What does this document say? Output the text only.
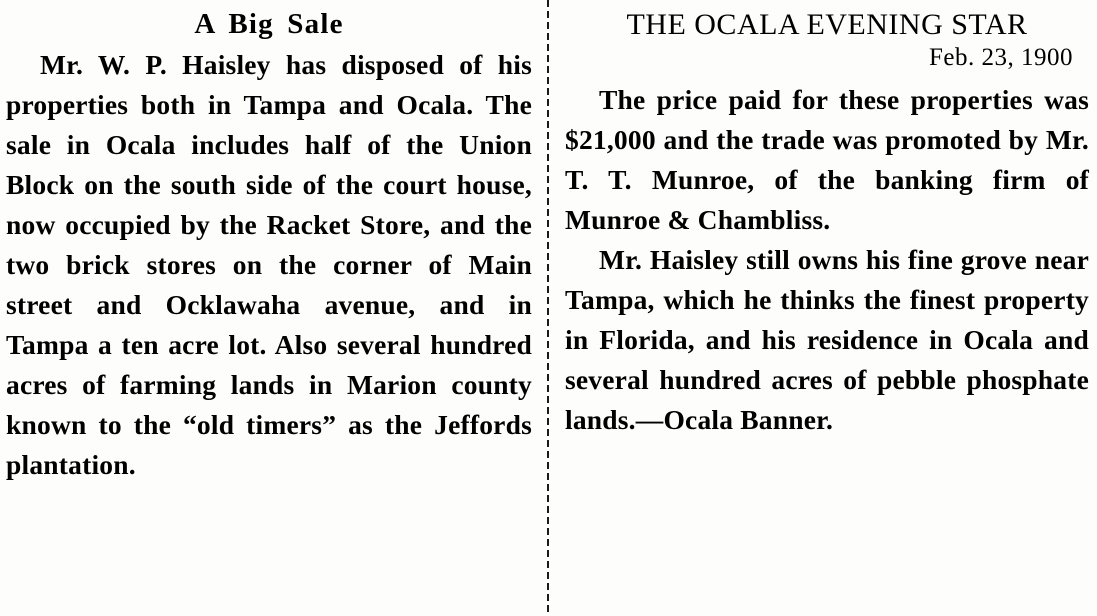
A Big Sale

Mr. W. P. Haisley has disposed of his properties both in Tampa and Ocala. The sale in Ocala includes half of the Union Block on the south side of the court house, now occupied by the Racket Store, and the two brick stores on the corner of Main street and Ocklawaha avenue, and in Tampa a ten acre lot. Also several hundred acres of farming lands in Marion county known to the “old timers” as the Jeffords plantation.

THE OCALA EVENING STAR
Feb. 23, 1900

The price paid for these properties was $21,000 and the trade was promoted by Mr. T. T. Munroe, of the banking firm of Munroe & Chambliss.

Mr. Haisley still owns his fine grove near Tampa, which he thinks the finest property in Florida, and his residence in Ocala and several hundred acres of pebble phosphate lands.—Ocala Banner.
